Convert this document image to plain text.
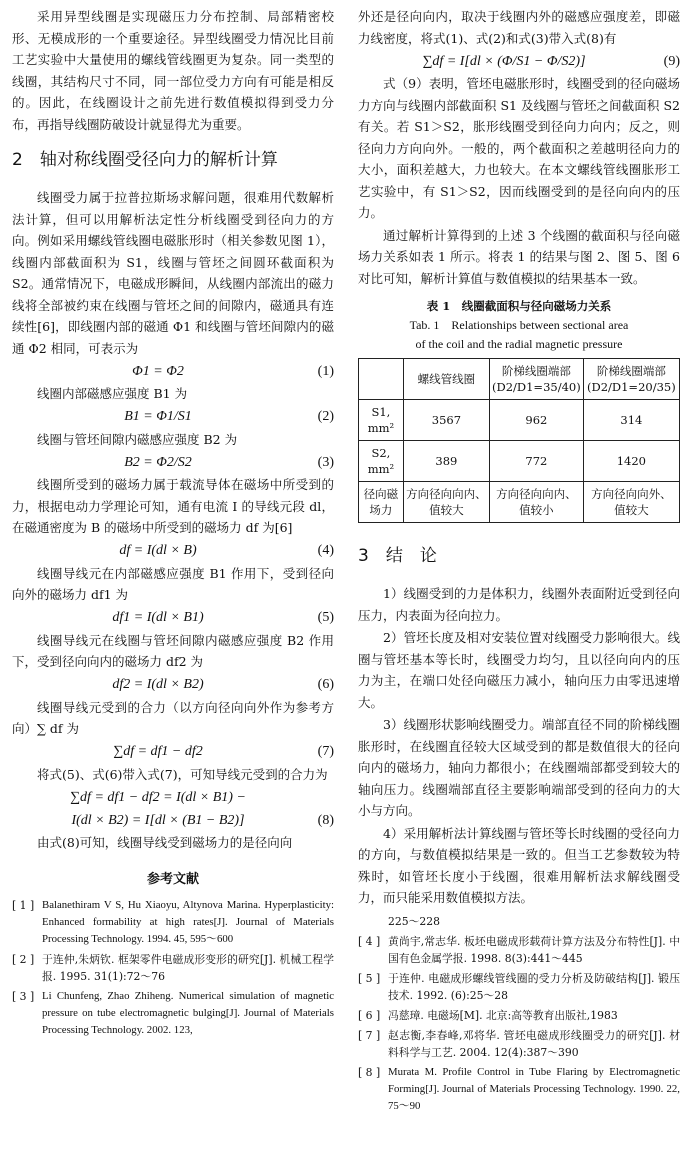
采用异型线圈是实现磁压力分布控制、局部精密校形、无模成形的一个重要途径。异型线圈受力情况比目前工艺实验中大量使用的螺线管线圈更为复杂。同一类型的线圈，其结构尺寸不同，同一部位受力方向有可能是相反的。因此，在线圈设计之前先进行数值模拟得到受力分布，再指导线圈防破设计就显得尤为重要。

2　轴对称线圈受径向力的解析计算

线圈受力属于拉普拉斯场求解问题，很难用代数解析法计算，但可以用解析法定性分析线圈受到径向力的方向。例如采用螺线管线圈电磁胀形时（相关参数见图 1），线圈内部截面积为 S1，线圈与管坯之间圆环截面积为 S2。通常情况下，电磁成形瞬间，从线圈内部流出的磁力线将全部被约束在线圈与管坯之间的间隙内，磁通具有连续性[6]，即线圈内部的磁通 Φ1 和线圈与管坯间隙内的磁通 Φ2 相同，可表示为

Φ1 = Φ2	(1)

线圈内部磁感应强度 B1 为

B1 = Φ1/S1	(2)

线圈与管坯间隙内磁感应强度 B2 为

B2 = Φ2/S2	(3)

线圈所受到的磁场力属于载流导体在磁场中所受到的力，根据电动力学理论可知，通有电流 I 的导线元段 dl，在磁通密度为 B 的磁场中所受到的磁场力 df 为[6]

df = I(dl × B)	(4)

线圈导线元在内部磁感应强度 B1 作用下，受到径向向外的磁场力 df1 为

df1 = I(dl × B1)	(5)

线圈导线元在线圈与管坯间隙内磁感应强度 B2 作用下，受到径向向内的磁场力 df2 为

df2 = I(dl × B2)	(6)

线圈导线元受到的合力（以方向径向向外作为参考方向）∑ df 为

∑df = df1 − df2	(7)

将式(5)、式(6)带入式(7)，可知导线元受到的合力为

∑df = df1 − df2 = I(dl × B1) −
I(dl × B2) = I[dl × (B1 − B2)]	(8)

由式(8)可知，线圈导线受到磁场力的是径向向

参考文献
[ 1 ] Balanethiram V S, Hu Xiaoyu, Altynova Marina. Hyperplasticity: Enhanced formability at high rates[J]. Journal of Materials Processing Technology. 1994. 45, 595～600
[ 2 ] 于连仲,朱炳钦. 框架零件电磁成形变形的研究[J]. 机械工程学报. 1995. 31(1):72～76
[ 3 ] Li Chunfeng, Zhao Zhiheng. Numerical simulation of magnetic pressure on tube electromagnetic bulging[J]. Journal of Materials Processing Technology. 2002. 123,

外还是径向向内，取决于线圈内外的磁感应强度差，即磁力线密度，将式(1)、式(2)和式(3)带入式(8)有

∑df = I[dl × (Φ/S1 − Φ/S2)]	(9)

式（9）表明，管坯电磁胀形时，线圈受到的径向磁场力方向与线圈内部截面积 S1 及线圈与管坯之间截面积 S2 有关。若 S1＞S2，胀形线圈受到径向力向内；反之，则径向力方向向外。一般的，两个截面积之差越明径向力的大小，面积差越大，力也较大。在本文螺线管线圈胀形工艺实验中，有 S1＞S2，因而线圈受到的是径向向内的压力。

通过解析计算得到的上述 3 个线圈的截面积与径向磁场力关系如表 1 所示。将表 1 的结果与图 2、图 5、图 6 对比可知，解析计算值与数值模拟的结果基本一致。

表 1　线圈截面积与径向磁场力关系
Tab. 1　Relationships between sectional area
of the coil and the radial magnetic pressure
	螺线管线圈	阶梯线圈端部 (D2/D1=35/40)	阶梯线圈端部 (D2/D1=20/35)
S1, mm²	3567	962	314
S2, mm²	389	772	1420
径向磁场力	方向径向向内、值较大	方向径向向内、值较小	方向径向向外、值较大
3　结　论

1）线圈受到的力是体积力，线圈外表面附近受到径向压力，内表面为径向拉力。

2）管坯长度及相对安装位置对线圈受力影响很大。线圈与管坯基本等长时，线圈受力均匀，且以径向向内的压力为主，在端口处径向磁压力减小，轴向压力由零迅速增大。

3）线圈形状影响线圈受力。端部直径不同的阶梯线圈胀形时，在线圈直径较大区域受到的都是数值很大的径向向内的磁场力，轴向力都很小；在线圈端部都受到较大的轴向压力。线圈端部直径主要影响端部受到的径向力的大小与方向。

4）采用解析法计算线圈与管坯等长时线圈的受径向力的方向，与数值模拟结果是一致的。但当工艺参数较为特殊时，如管坯长度小于线圈，很难用解析法求解线圈受力，而只能采用数值模拟方法。

225～228
[ 4 ] 黄尚宇,常志华. 板坯电磁成形载荷计算方法及分布特性[J]. 中国有色金属学报. 1998. 8(3):441～445
[ 5 ] 于连仲. 电磁成形螺线管线圈的受力分析及防破结构[J]. 锻压技术. 1992. (6):25～28
[ 6 ] 冯慈璋. 电磁场[M]. 北京:高等教育出版社,1983
[ 7 ] 赵志衡,李春峰,邓将华. 管坯电磁成形线圈受力的研究[J]. 材料科学与工艺. 2004. 12(4):387～390
[ 8 ] Murata M. Profile Control in Tube Flaring by Electromagnetic Forming[J]. Journal of Materials Processing Technology. 1990. 22, 75～90
